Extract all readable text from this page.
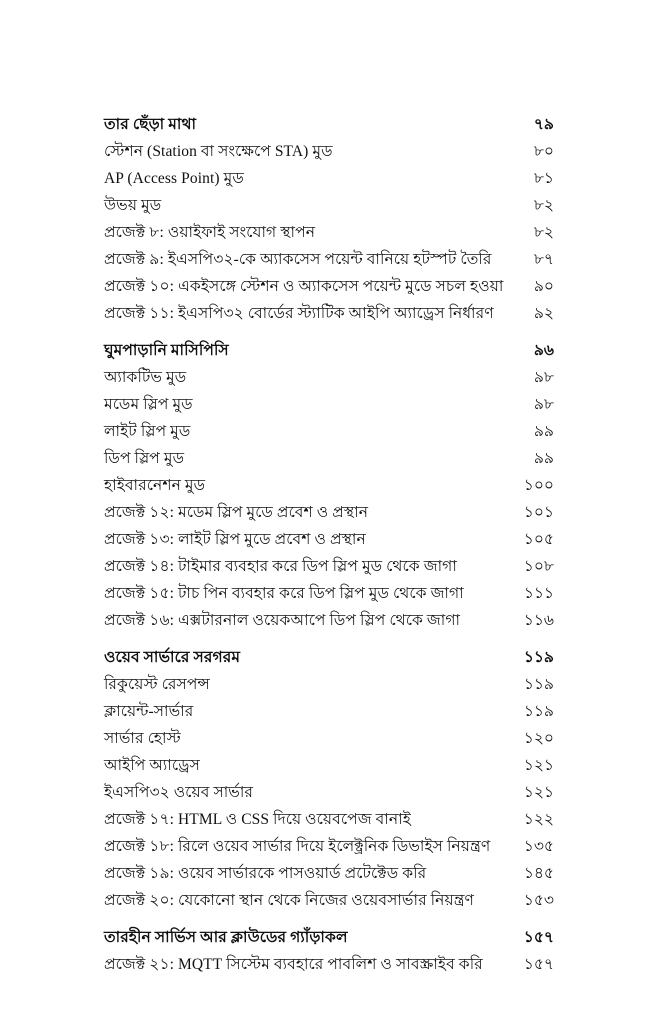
তার ছেঁড়া মাথা	৭৯
স্টেশন (Station বা সংক্ষেপে STA) মুড	৮০
AP (Access Point) মুড	৮১
উভয় মুড	৮২
প্রজেক্ট ৮: ওয়াইফাই সংযোগ স্থাপন	৮২
প্রজেক্ট ৯: ইএসপি৩২-কে অ্যাকসেস পয়েন্ট বানিয়ে হটস্পট তৈরি	৮৭
প্রজেক্ট ১০: একইসঙ্গে স্টেশন ও অ্যাকসেস পয়েন্ট মুডে সচল হওয়া	৯০
প্রজেক্ট ১১: ইএসপি৩২ বোর্ডের স্ট্যাটিক আইপি অ্যাড্রেস নির্ধারণ	৯২
ঘুমপাড়ানি মাসিপিসি	৯৬
অ্যাকটিভ মুড	৯৮
মডেম স্লিপ মুড	৯৮
লাইট স্লিপ মুড	৯৯
ডিপ স্লিপ মুড	৯৯
হাইবারনেশন মুড	১০০
প্রজেক্ট ১২: মডেম স্লিপ মুডে প্রবেশ ও প্রস্থান	১০১
প্রজেক্ট ১৩: লাইট স্লিপ মুডে প্রবেশ ও প্রস্থান	১০৫
প্রজেক্ট ১৪: টাইমার ব্যবহার করে ডিপ স্লিপ মুড থেকে জাগা	১০৮
প্রজেক্ট ১৫: টাচ পিন ব্যবহার করে ডিপ স্লিপ মুড থেকে জাগা	১১১
প্রজেক্ট ১৬: এক্সটারনাল ওয়েকআপে ডিপ স্লিপ থেকে জাগা	১১৬
ওয়েব সার্ভারে সরগরম	১১৯
রিকুয়েস্ট রেসপন্স	১১৯
ক্লায়েন্ট-সার্ভার	১১৯
সার্ভার হোস্ট	১২০
আইপি অ্যাড্রেস	১২১
ইএসপি৩২ ওয়েব সার্ভার	১২১
প্রজেক্ট ১৭: HTML ও CSS দিয়ে ওয়েবপেজ বানাই	১২২
প্রজেক্ট ১৮: রিলে ওয়েব সার্ভার দিয়ে ইলেক্ট্রনিক ডিভাইস নিয়ন্ত্রণ ১৩৫
প্রজেক্ট ১৯: ওয়েব সার্ভারকে পাসওয়ার্ড প্রটেক্টেড করি	১৪৫
প্রজেক্ট ২০: যেকোনো স্থান থেকে নিজের ওয়েবসার্ভার নিয়ন্ত্রণ	১৫৩
তারহীন সার্ভিস আর ক্লাউডের গ্যাঁড়াকল	১৫৭
প্রজেক্ট ২১: MQTT সিস্টেম ব্যবহারে পাবলিশ ও সাবস্ক্রাইব করি	১৫৭
